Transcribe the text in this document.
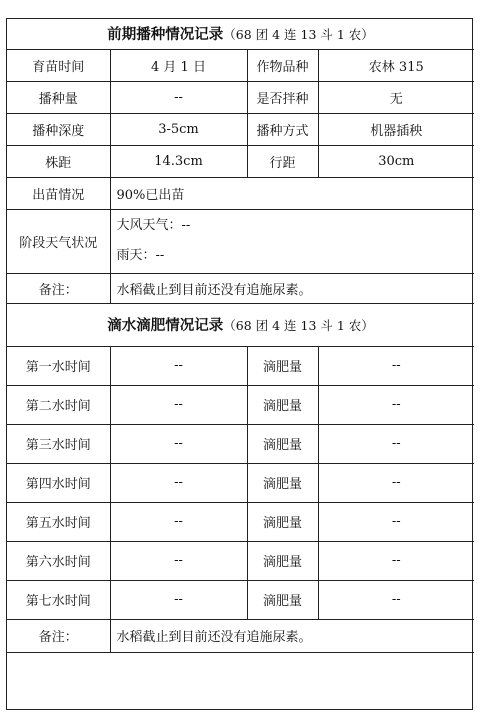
前期播种情况记录（68 团 4 连 13 斗 1 农）			
育苗时间	4 月 1 日	作物品种	农林 315
播种量	--	是否拌种	无
播种深度	3-5cm	播种方式	机器插秧
株距	14.3cm	行距	30cm
出苗情况	90%已出苗		
阶段天气状况	大风天气：--
雨天：--		

备注：	水稻截止到目前还没有追施尿素。		
滴水滴肥情况记录（68 团 4 连 13 斗 1 农）			
第一水时间	--	滴肥量	--
第二水时间	--	滴肥量	--
第三水时间	--	滴肥量	--
第四水时间	--	滴肥量	--
第五水时间	--	滴肥量	--
第六水时间	--	滴肥量	--
第七水时间	--	滴肥量	--
备注：	水稻截止到目前还没有追施尿素。		
